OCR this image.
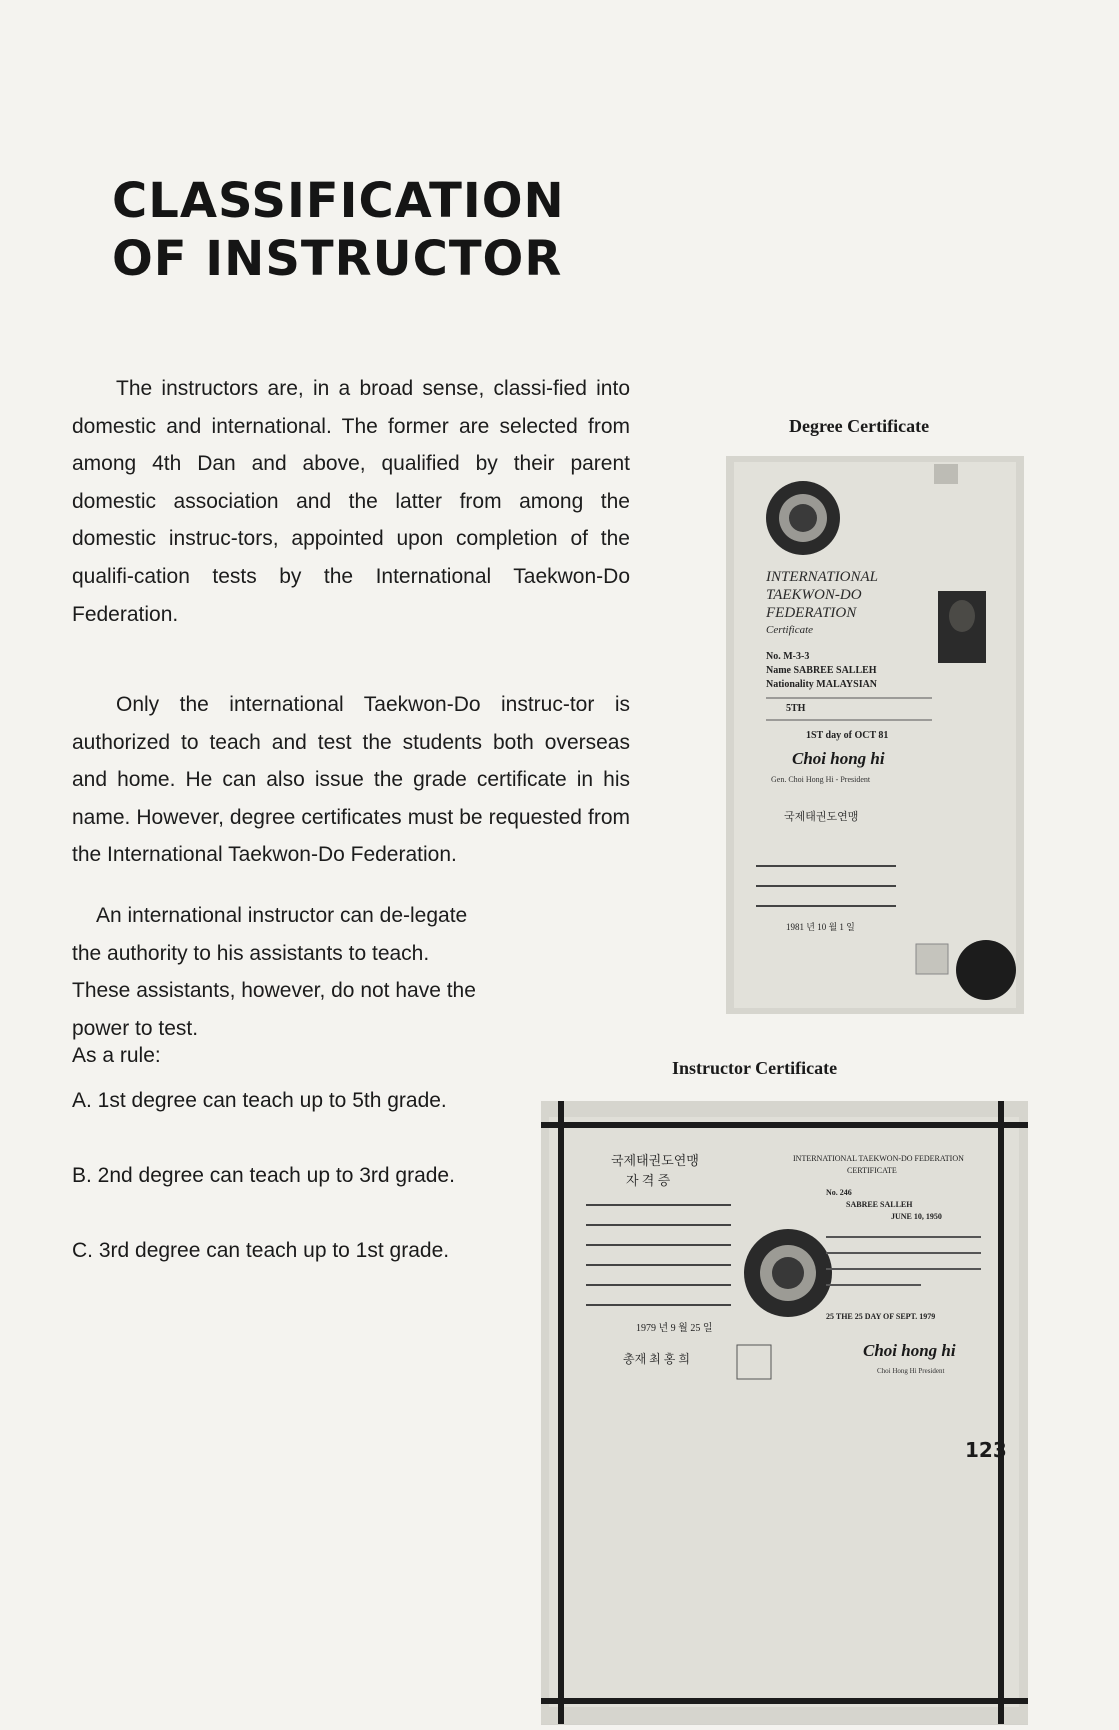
CLASSIFICATION
OF INSTRUCTOR

The instructors are, in a broad sense, classi-fied into domestic and international. The former are selected from among 4th Dan and above, qualified by their parent domestic association and the latter from among the domestic instruc-tors, appointed upon completion of the qualifi-cation tests by the International Taekwon-Do Federation.

Only the international Taekwon-Do instruc-tor is authorized to teach and test the students both overseas and home. He can also issue the grade certificate in his name. However, degree certificates must be requested from the International Taekwon-Do Federation.

An international instructor can de-legate the authority to his assistants to teach. These assistants, however, do not have the power to test.

As a rule:

A. 1st degree can teach up to 5th grade.

B. 2nd degree can teach up to 3rd grade.

C. 3rd degree can teach up to 1st grade.

Degree Certificate

INTERNATIONAL
TAEKWON-DO
FEDERATION
Certificate
No. M-3-3
Name SABREE SALLEH
Nationality MALAYSIAN
5TH
1ST day of OCT 81
Choi hong hi
Gen. Choi Hong Hi - President
국제태권도연맹
1981 년 10 월 1 일

Instructor Certificate

국제태권도연맹
자 격 증
1979 년 9 월 25 일
총재 최 홍 희
INTERNATIONAL TAEKWON-DO FEDERATION
CERTIFICATE
No. 246
SABREE SALLEH
JUNE 10, 1950
25 THE 25 DAY OF SEPT. 1979
Choi hong hi
Choi Hong Hi President

123
